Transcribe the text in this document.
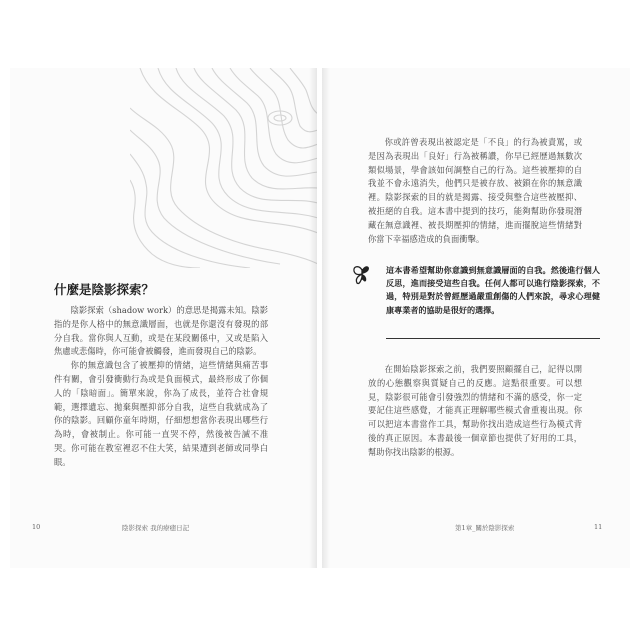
什麼是陰影探索？

陰影探索（shadow work）的意思是揭露未知。陰影指的是你人格中的無意識層面，也就是你還沒有發現的部分自我。當你與人互動，或是在某段關係中，又或是陷入焦慮或悲傷時，你可能會被觸發，進而發現自己的陰影。

你的無意識包含了被壓抑的情緒，這些情緒與痛苦事件有關，會引發衝動行為或是負面模式，最終形成了你個人的「陰暗面」。簡單來說，你為了成長，並符合社會規範，選擇遺忘、拋棄與壓抑部分自我，這些自我就成為了你的陰影。回顧你童年時期，仔細想想當你表現出哪些行為時，會被制止。你可能一直哭不停，然後被告誡不准哭。你可能在教室裡忍不住大笑，結果遭到老師或同學白眼。

10	陰影探索 我的療癒日記

你或許曾表現出被認定是「不良」的行為被責罵，或是因為表現出「良好」行為被稱讚，你早已經歷過無數次類似場景，學會該如何調整自己的行為。這些被壓抑的自我並不會永遠消失，他們只是被存放、被鎖在你的無意識裡。陰影探索的目的就是揭露、接受與整合這些被壓抑、被拒絕的自我。這本書中提到的技巧，能夠幫助你發現潛藏在無意識裡、被長期壓抑的情緒，進而擺脫這些情緒對你當下幸福感造成的負面衝擊。

這本書希望幫助你意識到無意識層面的自我。然後進行個人反思，進而接受這些自我。任何人都可以進行陰影探索，不過，特別是對於曾經歷過嚴重創傷的人們來說，尋求心理健康專業者的協助是很好的選擇。

在開始陰影探索之前，我們要照顧擺自己，記得以開放的心態觀察與質疑自己的反應。這點很重要。可以想見，陰影很可能會引發強烈的情緒和不滿的感受，你一定要記住這些感覺，才能真正理解哪些模式會重複出現。你可以把這本書當作工具，幫助你找出造成這些行為模式背後的真正原因。本書最後一個章節也提供了好用的工具，幫助你找出陰影的根源。

第1章_關於陰影探索	11
